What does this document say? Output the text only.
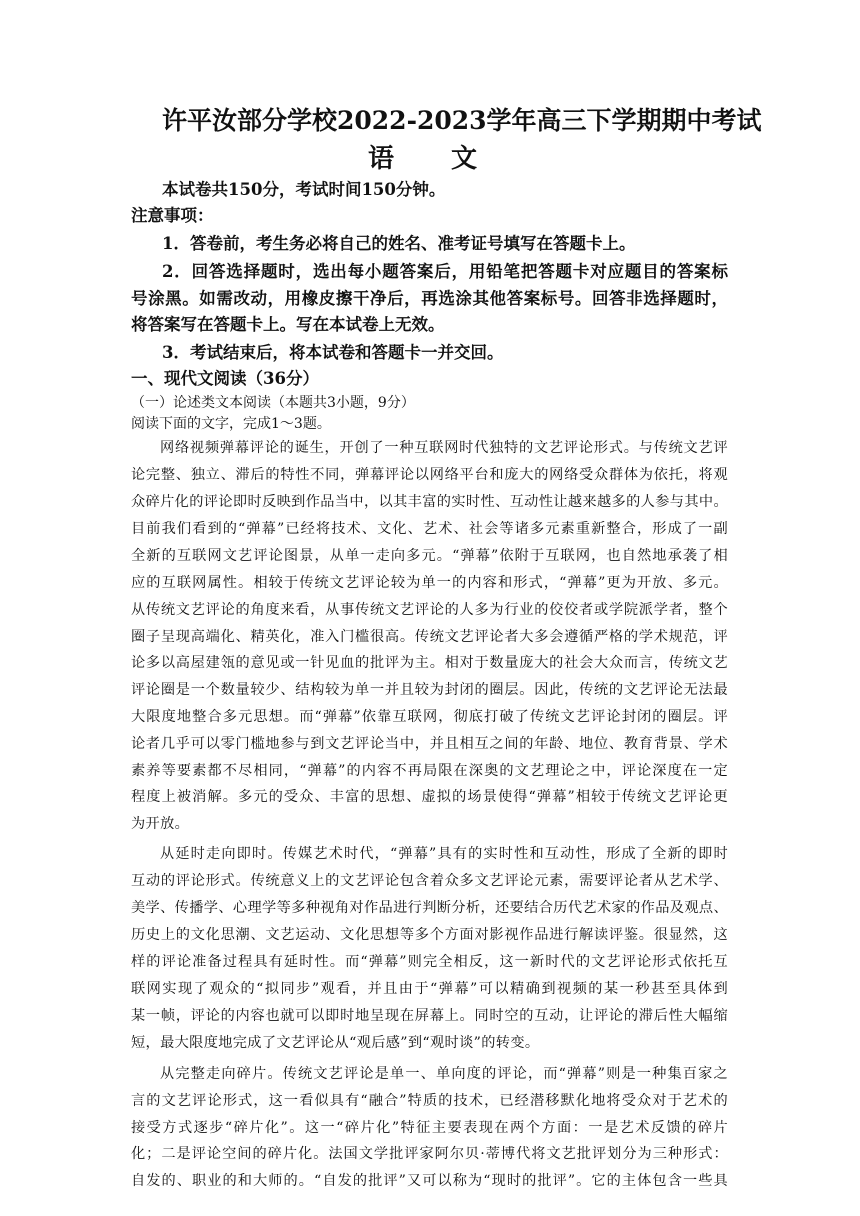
许平汝部分学校2022-2023学年高三下学期期中考试
语 文
本试卷共150分，考试时间150分钟。
注意事项：
1．答卷前，考生务必将自己的姓名、准考证号填写在答题卡上。
2．回答选择题时，选出每小题答案后，用铅笔把答题卡对应题目的答案标
号涂黑。如需改动，用橡皮擦干净后，再选涂其他答案标号。回答非选择题时，
将答案写在答题卡上。写在本试卷上无效。
3．考试结束后，将本试卷和答题卡一并交回。
一、现代文阅读（36分）
（一）论述类文本阅读（本题共3小题，9分）
阅读下面的文字，完成1～3题。
网络视频弹幕评论的诞生，开创了一种互联网时代独特的文艺评论形式。与传统文艺评
论完整、独立、滞后的特性不同，弹幕评论以网络平台和庞大的网络受众群体为依托，将观
众碎片化的评论即时反映到作品当中，以其丰富的实时性、互动性让越来越多的人参与其中。
目前我们看到的“弹幕”已经将技术、文化、艺术、社会等诸多元素重新整合，形成了一副
全新的互联网文艺评论图景，从单一走向多元。“弹幕”依附于互联网，也自然地承袭了相
应的互联网属性。相较于传统文艺评论较为单一的内容和形式，“弹幕”更为开放、多元。
从传统文艺评论的角度来看，从事传统文艺评论的人多为行业的佼佼者或学院派学者，整个
圈子呈现高端化、精英化，准入门槛很高。传统文艺评论者大多会遵循严格的学术规范，评
论多以高屋建瓴的意见或一针见血的批评为主。相对于数量庞大的社会大众而言，传统文艺
评论圈是一个数量较少、结构较为单一并且较为封闭的圈层。因此，传统的文艺评论无法最
大限度地整合多元思想。而“弹幕”依靠互联网，彻底打破了传统文艺评论封闭的圈层。评
论者几乎可以零门槛地参与到文艺评论当中，并且相互之间的年龄、地位、教育背景、学术
素养等要素都不尽相同，“弹幕”的内容不再局限在深奥的文艺理论之中，评论深度在一定
程度上被消解。多元的受众、丰富的思想、虚拟的场景使得“弹幕”相较于传统文艺评论更
为开放。
从延时走向即时。传媒艺术时代，“弹幕”具有的实时性和互动性，形成了全新的即时
互动的评论形式。传统意义上的文艺评论包含着众多文艺评论元素，需要评论者从艺术学、
美学、传播学、心理学等多种视角对作品进行判断分析，还要结合历代艺术家的作品及观点、
历史上的文化思潮、文艺运动、文化思想等多个方面对影视作品进行解读评鉴。很显然，这
样的评论准备过程具有延时性。而“弹幕”则完全相反，这一新时代的文艺评论形式依托互
联网实现了观众的“拟同步”观看，并且由于“弹幕”可以精确到视频的某一秒甚至具体到
某一帧，评论的内容也就可以即时地呈现在屏幕上。同时空的互动，让评论的滞后性大幅缩
短，最大限度地完成了文艺评论从“观后感”到“观时谈”的转变。
从完整走向碎片。传统文艺评论是单一、单向度的评论，而“弹幕”则是一种集百家之
言的文艺评论形式，这一看似具有“融合”特质的技术，已经潜移默化地将受众对于艺术的
接受方式逐步“碎片化”。这一“碎片化”特征主要表现在两个方面：一是艺术反馈的碎片
化；二是评论空间的碎片化。法国文学批评家阿尔贝·蒂博代将文艺批评划分为三种形式：
自发的、职业的和大师的。“自发的批评”又可以称为“现时的批评”。它的主体包含一些具
